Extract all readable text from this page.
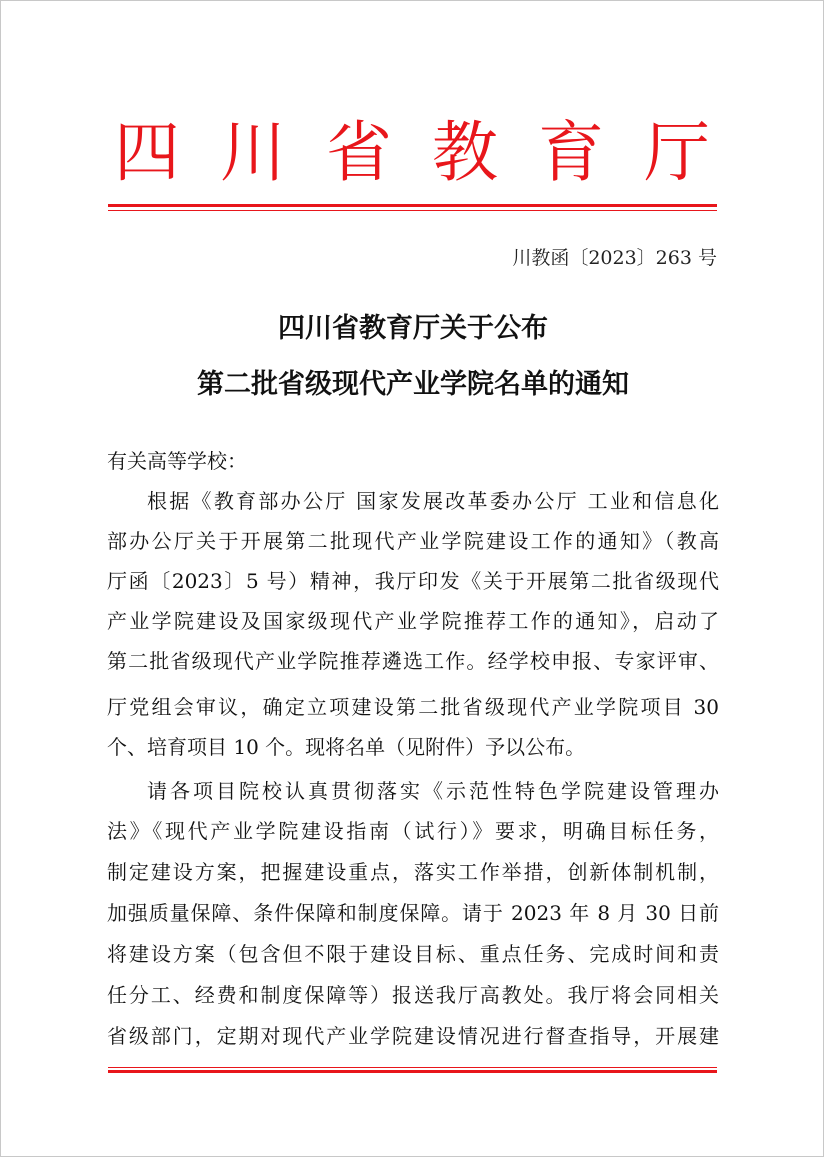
四 川 省 教 育 厅
川教函〔2023〕263 号
四川省教育厅关于公布
第二批省级现代产业学院名单的通知
有关高等学校：
根据《教育部办公厅 国家发展改革委办公厅 工业和信息化
部办公厅关于开展第二批现代产业学院建设工作的通知》（教高
厅函〔2023〕5 号）精神，我厅印发《关于开展第二批省级现代
产业学院建设及国家级现代产业学院推荐工作的通知》，启动了
第二批省级现代产业学院推荐遴选工作。经学校申报、专家评审、
厅党组会审议，确定立项建设第二批省级现代产业学院项目 30
个、培育项目 10 个。现将名单（见附件）予以公布。
请各项目院校认真贯彻落实《示范性特色学院建设管理办
法》《现代产业学院建设指南（试行）》要求，明确目标任务，
制定建设方案，把握建设重点，落实工作举措，创新体制机制，
加强质量保障、条件保障和制度保障。请于 2023 年 8 月 30 日前
将建设方案（包含但不限于建设目标、重点任务、完成时间和责
任分工、经费和制度保障等）报送我厅高教处。我厅将会同相关
省级部门，定期对现代产业学院建设情况进行督查指导，开展建
